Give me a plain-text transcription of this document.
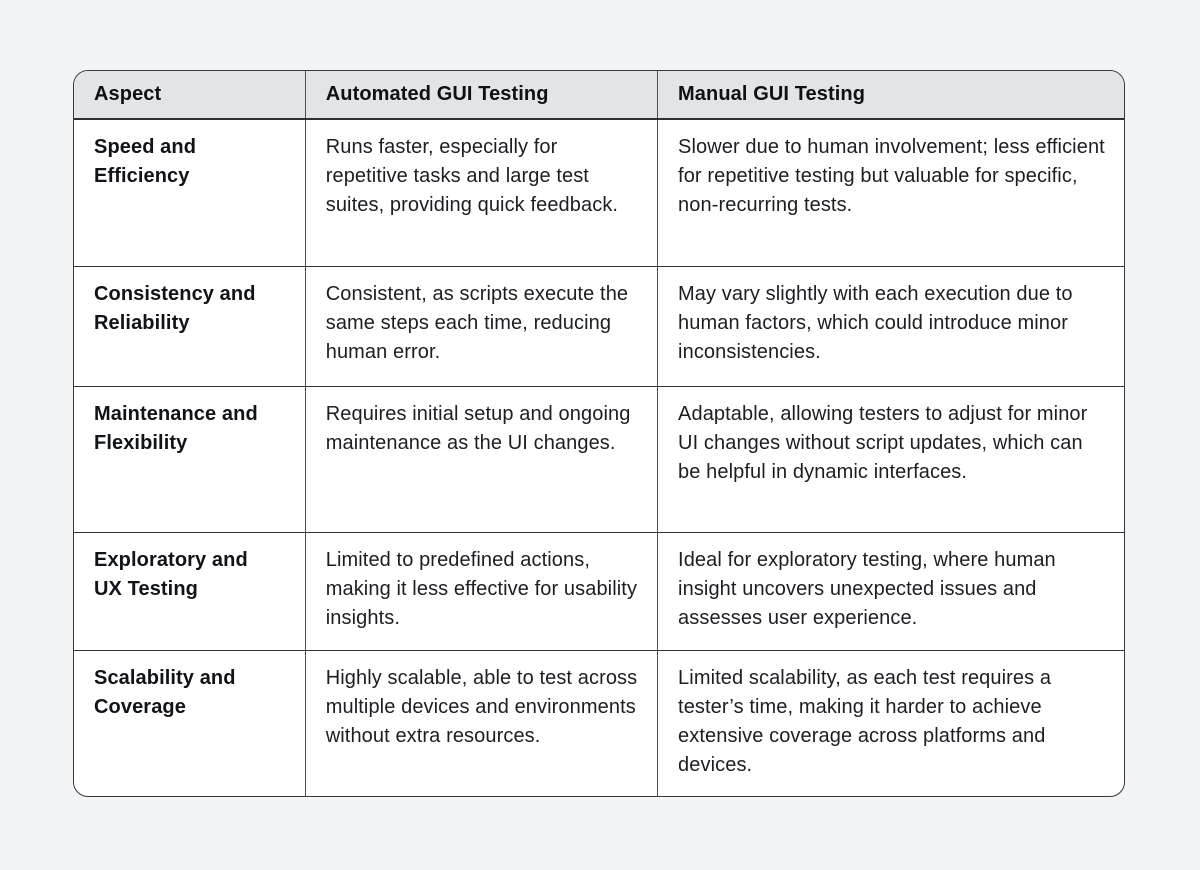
Aspect	Automated GUI Testing	Manual GUI Testing

Speed and Efficiency	Runs faster, especially for repetitive tasks and large test suites, providing quick feedback.	Slower due to human involvement; less efficient for repetitive testing but valuable for specific, non-recurring tests.

Consistency and Reliability	Consistent, as scripts execute the same steps each time, reducing human error.	May vary slightly with each execution due to human factors, which could introduce minor inconsistencies.

Maintenance and Flexibility	Requires initial setup and ongoing maintenance as the UI changes.	Adaptable, allowing testers to adjust for minor UI changes without script updates, which can be helpful in dynamic interfaces.

Exploratory and UX Testing	Limited to predefined actions, making it less effective for usability insights.	Ideal for exploratory testing, where human insight uncovers unexpected issues and assesses user experience.

Scalability and Coverage	Highly scalable, able to test across multiple devices and environments without extra resources.	Limited scalability, as each test requires a tester’s time, making it harder to achieve extensive coverage across platforms and devices.
